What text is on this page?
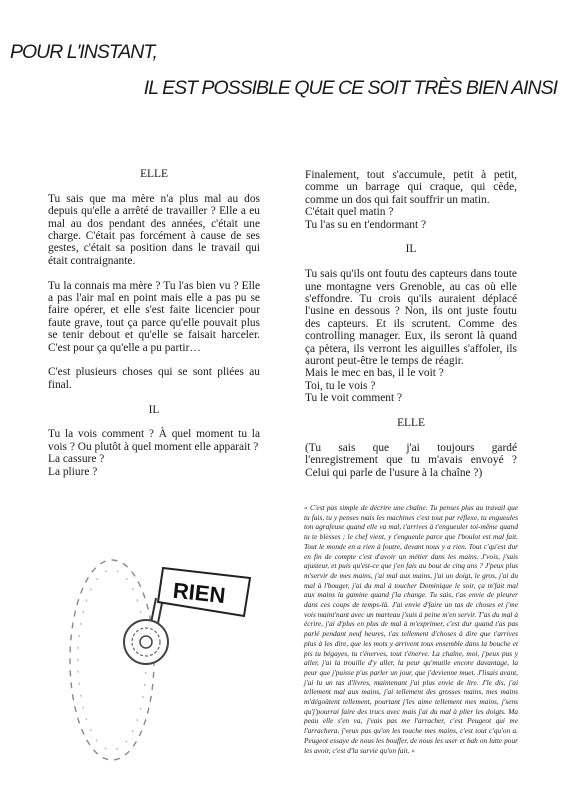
POUR L'INSTANT,
IL EST POSSIBLE QUE CE SOIT TRÈS BIEN AINSI
ELLE

Tu sais que ma mère n'a plus mal au dos depuis qu'elle a arrêté de travailler ? Elle a eu mal au dos pendant des années, c'était une charge. C'était pas forcément à cause de ses gestes, c'était sa position dans le travail qui était contraignante.

Tu la connais ma mère ? Tu l'as bien vu ? Elle a pas l'air mal en point mais elle a pas pu se faire opérer, et elle s'est faite licencier pour faute grave, tout ça parce qu'elle pouvait plus se tenir debout et qu'elle se faisait harceler. C'est pour ça qu'elle a pu partir…

C'est plusieurs choses qui se sont pliées au final.

IL

Tu la vois comment ? À quel moment tu la vois ? Ou plutôt à quel moment elle apparait ?
La cassure ?
La pliure ?

Finalement, tout s'accumule, petit à petit, comme un barrage qui craque, qui cède, comme un dos qui fait souffrir un matin.
C'était quel matin ?
Tu l'as su en t'endormant ?

IL

Tu sais qu'ils ont foutu des capteurs dans toute une montagne vers Grenoble, au cas où elle s'effondre. Tu crois qu'ils auraient déplacé l'usine en dessous ? Non, ils ont juste foutu des capteurs. Et ils scrutent. Comme des controlling manager. Eux, ils seront là quand ça pètera, ils verront les aiguilles s'affoler, ils auront peut-être le temps de réagir.
Mais le mec en bas, il le voit ?
Toi, tu le vois ?
Tu le voit comment ?

ELLE

(Tu sais que j'ai toujours gardé l'enregistrement que tu m'avais envoyé ? Celui qui parle de l'usure à la chaîne ?)

« C'est pas simple de décrire une chaîne. Tu penses plus au travail que tu fais, tu y penses mais les machines c'est tout par réflexe, tu engueules ton agrafeuse quand elle va mal, t'arrives à t'engueuler toi-même quand tu te blesses ; le chef vient, y t'engueule parce que l'boulot est mal fait. Tout le monde en a rien à foutre, devant nous y a rien. Tout c'qu'est dur en fin de compte c'est d'avoir un métier dans les mains. J'vois, j'suis ajusteur, et puis qu'est-ce que j'en fais au bout de cinq ans ? J'peux plus m'servir de mes mains, j'ai mal aux mains, j'ai un doigt, le gros, j'ai du mal à l'bouger, j'ai du mal à toucher Dominique le soir, ça m'fait mal aux mains la gamine quand j'la change. Tu sais, t'as envie de pleurer dans ces coups de temps-là. J'ai envie d'faire un tas de choses et j'me vois maint'nant avec un marteau j'suis à peine m'en servir. T'as du mal à écrire, j'ai d'plus en plus de mal à m'exprimer, c'est dur quand t'as pas parlé pendant neuf heures, t'as tellement d'choses à dire que t'arrives plus à les dire, que les mots y arrivent tous ensemble dans la bouche et pis tu bégayes, tu t'énerves, tout t'énerve. La chaîne, moi, j'peux pus y aller, j'ai la trouille d'y aller, la peur qu'mutile encore davantage, la peur que j'puisse p'us parler un jour, que j'devienne muet. J'lisais avant, j'ai lu un tas d'livres, maintenant j'ai plus envie de lire. J'le dis, j'ai tellement mal aux mains, j'ai tellement des grosses mains, mes mains m'dégoûtent tellement, pourtant j'les aime tellement mes mains, j'sens qu'j'pourrai faire des trucs avec mais j'ai du mal à plier les doigts. Ma peau elle s'en va, j'vais pas me l'arracher, c'est Peugeot qui me l'arrachera, j'veux pas qu'on les touche mes mains, c'est tout c'qu'on a. Peugeot essaye de nous les bouffer, de nous les user et bah on lutte pour les avoir, c'est d'la survie qu'on fait. »
RIEN
